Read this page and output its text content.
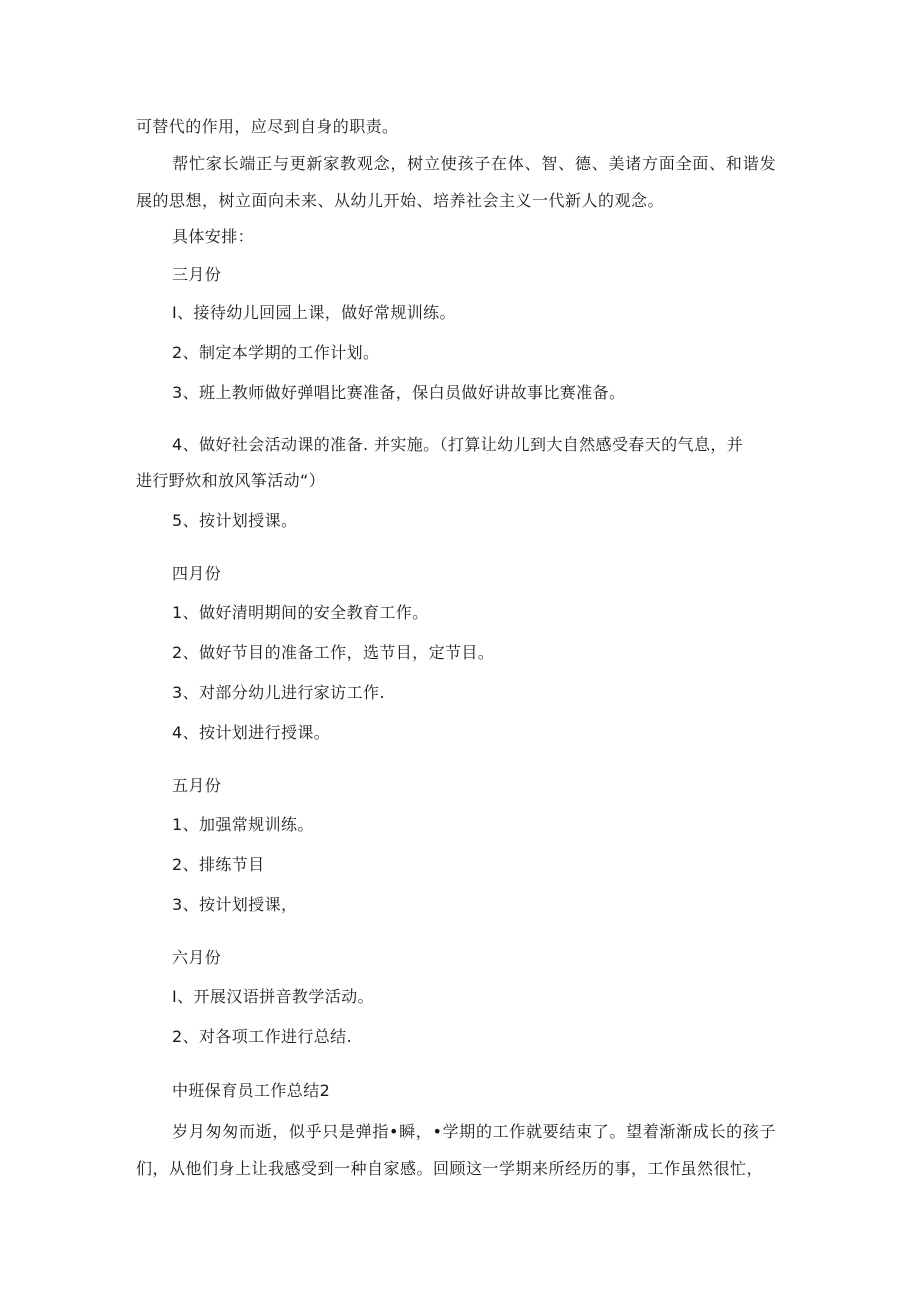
可替代的作用，应尽到自身的职责。
帮忙家长端正与更新家教观念，树立使孩子在体、智、德、美诸方面全面、和谐发展的思想，树立面向未来、从幼儿开始、培养社会主义一代新人的观念。
具体安排：
三月份
I、接待幼儿回园上课，做好常规训练。
2、制定本学期的工作计划。
3、班上教师做好弹唱比赛准备，保白员做好讲故事比赛准备。
4、做好社会活动课的准备. 并实施。（打算让幼儿到大自然感受春天的气息，并
进行野炊和放风筝活动“）
5、按计划授课。
四月份
1、做好清明期间的安全教育工作。
2、做好节目的准备工作，选节目，定节目。
3、对部分幼儿进行家访工作.
4、按计划进行授课。
五月份
1、加强常规训练。
2、排练节目
3、按计划授课，
六月份
I、开展汉语拼音教学活动。
2、对各项工作进行总结.
中班保育员工作总结2
岁月匆匆而逝，似乎只是弹指•瞬，•学期的工作就要结束了。望着渐渐成长的孩子们，从他们身上让我感受到一种自家感。回顾这一学期来所经历的事，工作虽然很忙，
